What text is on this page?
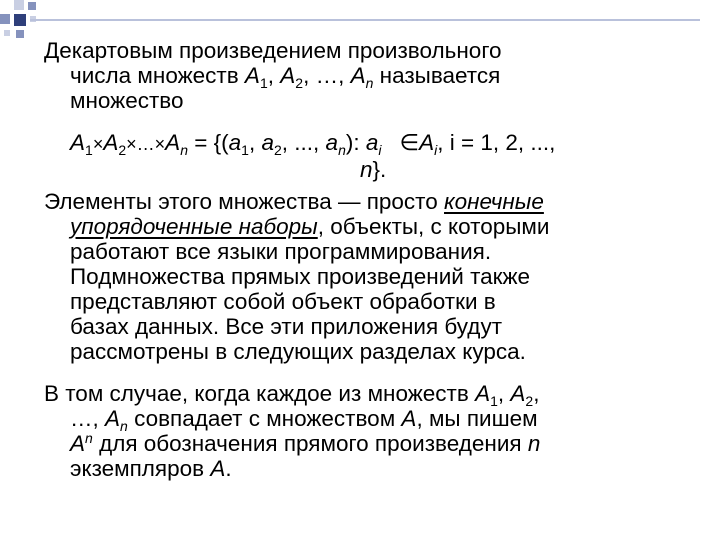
Декартовым произведением произвольного
числа множеств $A_1$, $A_2$, …, $A_n$ называется
множество
$A_1\times A_2\times\dots\times A_n = \{(a_1$, $a_2$, ..., $a_n$): $a_i$ $\in A_i$, i = 1, 2, ...,
n}.
Элементы этого множества — просто конечные
упорядоченные наборы, объекты, с которыми
работают все языки программирования.
Подмножества прямых произведений также
представляют собой объект обработки в
базах данных. Все эти приложения будут
рассмотрены в следующих разделах курса.
В том случае, когда каждое из множеств $A_1$, $A_2$,
…, $A_n$ совпадает с множеством A, мы пишем
$A^n$ для обозначения прямого произведения n
экземпляров A.
